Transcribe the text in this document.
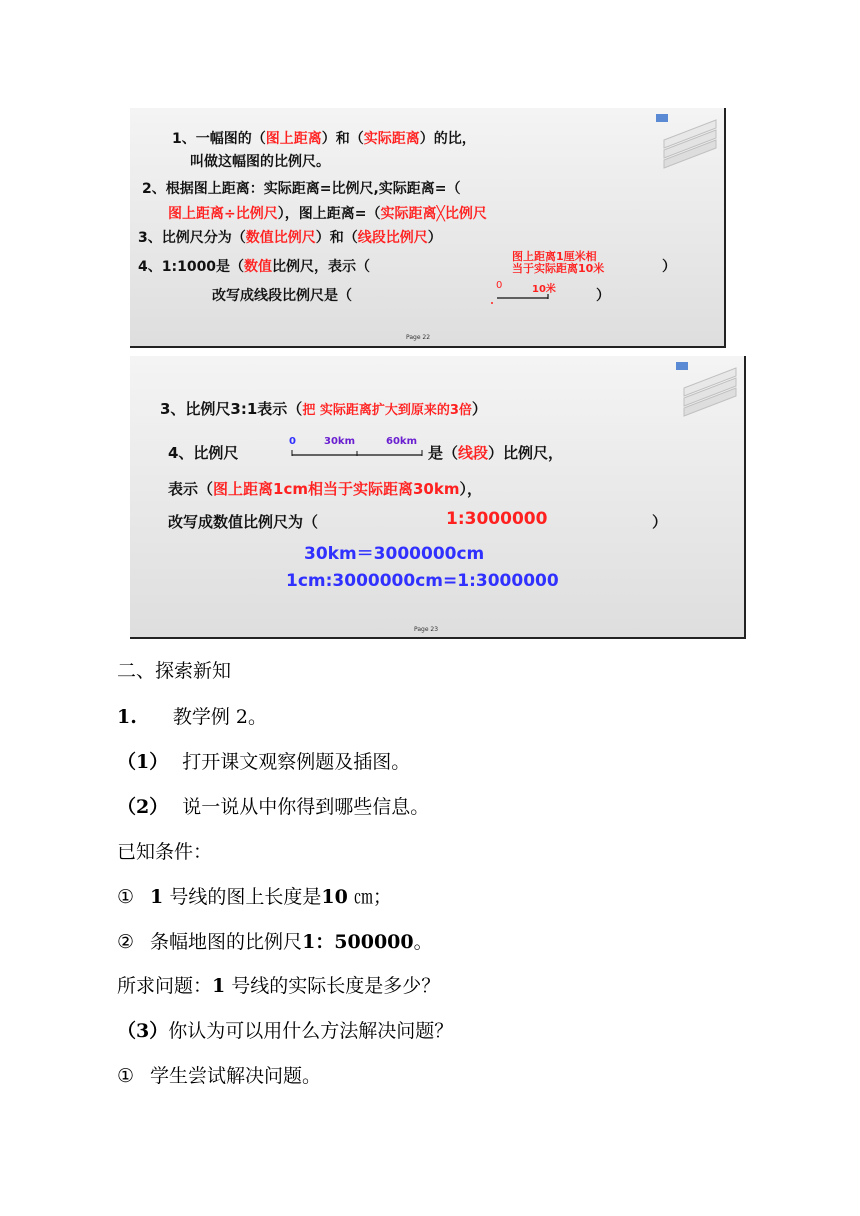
1、一幅图的（图上距离）和（实际距离）的比，
叫做这幅图的比例尺。
2、根据图上距离：实际距离=比例尺,实际距离=（
图上距离÷比例尺），图上距离=（实际距离╳比例尺
3、比例尺分为（数值比例尺）和（线段比例尺）
4、1:1000是（数值比例尺，表示（
图上距离1厘米相
当于实际距离10米	）
改写成线段比例尺是（
0	10米	）
Page 22
3、比例尺3:1表示（把 实际距离扩大到原来的3倍）
4、比例尺
0	30km	60km
是（线段）比例尺，
表示（图上距离1cm相当于实际距离30km），
改写成数值比例尺为（	1:3000000	）
30km＝3000000cm
1cm:3000000cm=1:3000000
Page 23
二、探索新知
1. 教学例 2。
（1） 打开课文观察例题及插图。
（2） 说一说从中你得到哪些信息。
已知条件：
① 1 号线的图上长度是10 ㎝；
② 条幅地图的比例尺1：500000。
所求问题：1 号线的实际长度是多少？
（3）你认为可以用什么方法解决问题？
① 学生尝试解决问题。
